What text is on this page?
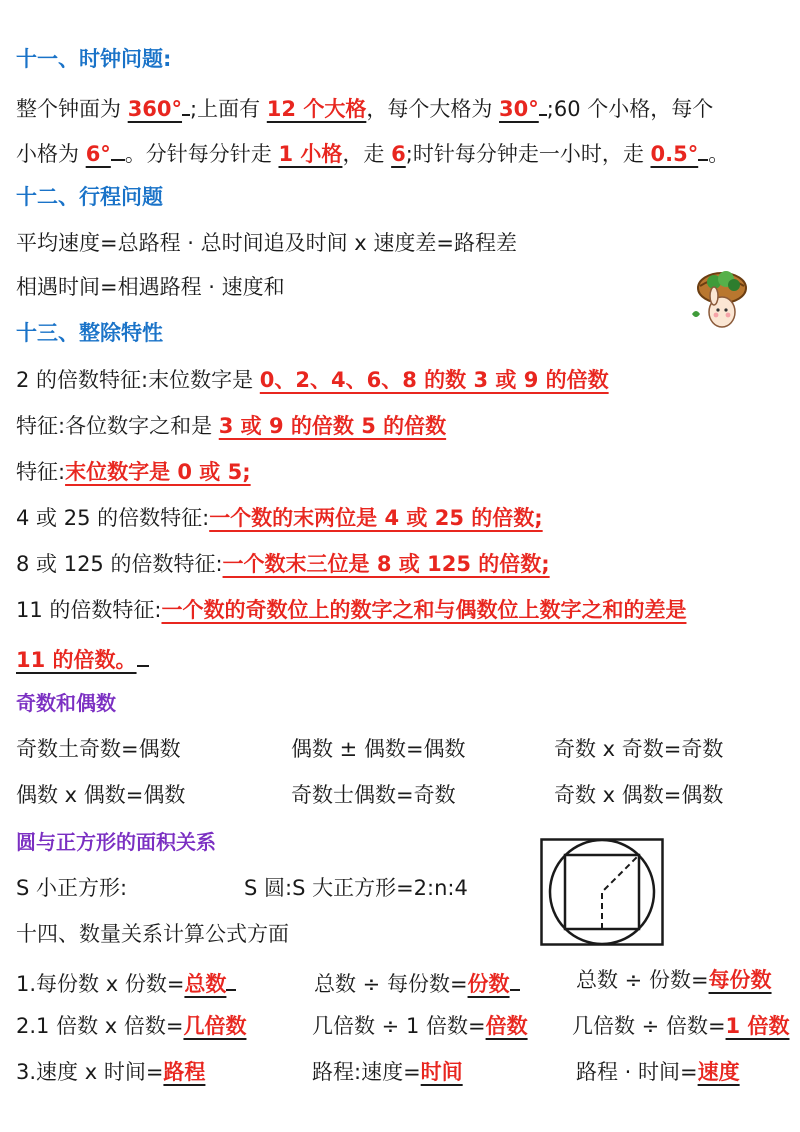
十一、时钟问题:
整个钟面为 360° ;上面有 12 个大格，每个大格为 30° ;60 个小格，每个
小格为 6° 。分针每分针走 1 小格，走 6;时针每分钟走一小时，走 0.5° 。
十二、行程问题
平均速度=总路程 · 总时间追及时间 x 速度差=路程差
相遇时间=相遇路程 · 速度和
十三、整除特性
2 的倍数特征:末位数字是 0、2、4、6、8 的数 3 或 9 的倍数
特征:各位数字之和是 3 或 9 的倍数 5 的倍数
特征:末位数字是 0 或 5;
4 或 25 的倍数特征:一个数的末两位是 4 或 25 的倍数;
8 或 125 的倍数特征:一个数末三位是 8 或 125 的倍数;
11 的倍数特征:一个数的奇数位上的数字之和与偶数位上数字之和的差是
11 的倍数。
奇数和偶数
奇数土奇数=偶数	偶数 ± 偶数=偶数	奇数 x 奇数=奇数
偶数 x 偶数=偶数	奇数士偶数=奇数	奇数 x 偶数=偶数
圆与正方形的面积关系
S 小正方形:	S 圆:S 大正方形=2:n:4
十四、数量关系计算公式方面
1.每份数 x 份数=总数	总数 ÷ 每份数=份数	总数 ÷ 份数=每份数
2.1 倍数 x 倍数=几倍数	几倍数 ÷ 1 倍数=倍数 几倍数 ÷ 倍数=1 倍数
3.速度 x 时间=路程	路程:速度=时间	路程 · 时间=速度
